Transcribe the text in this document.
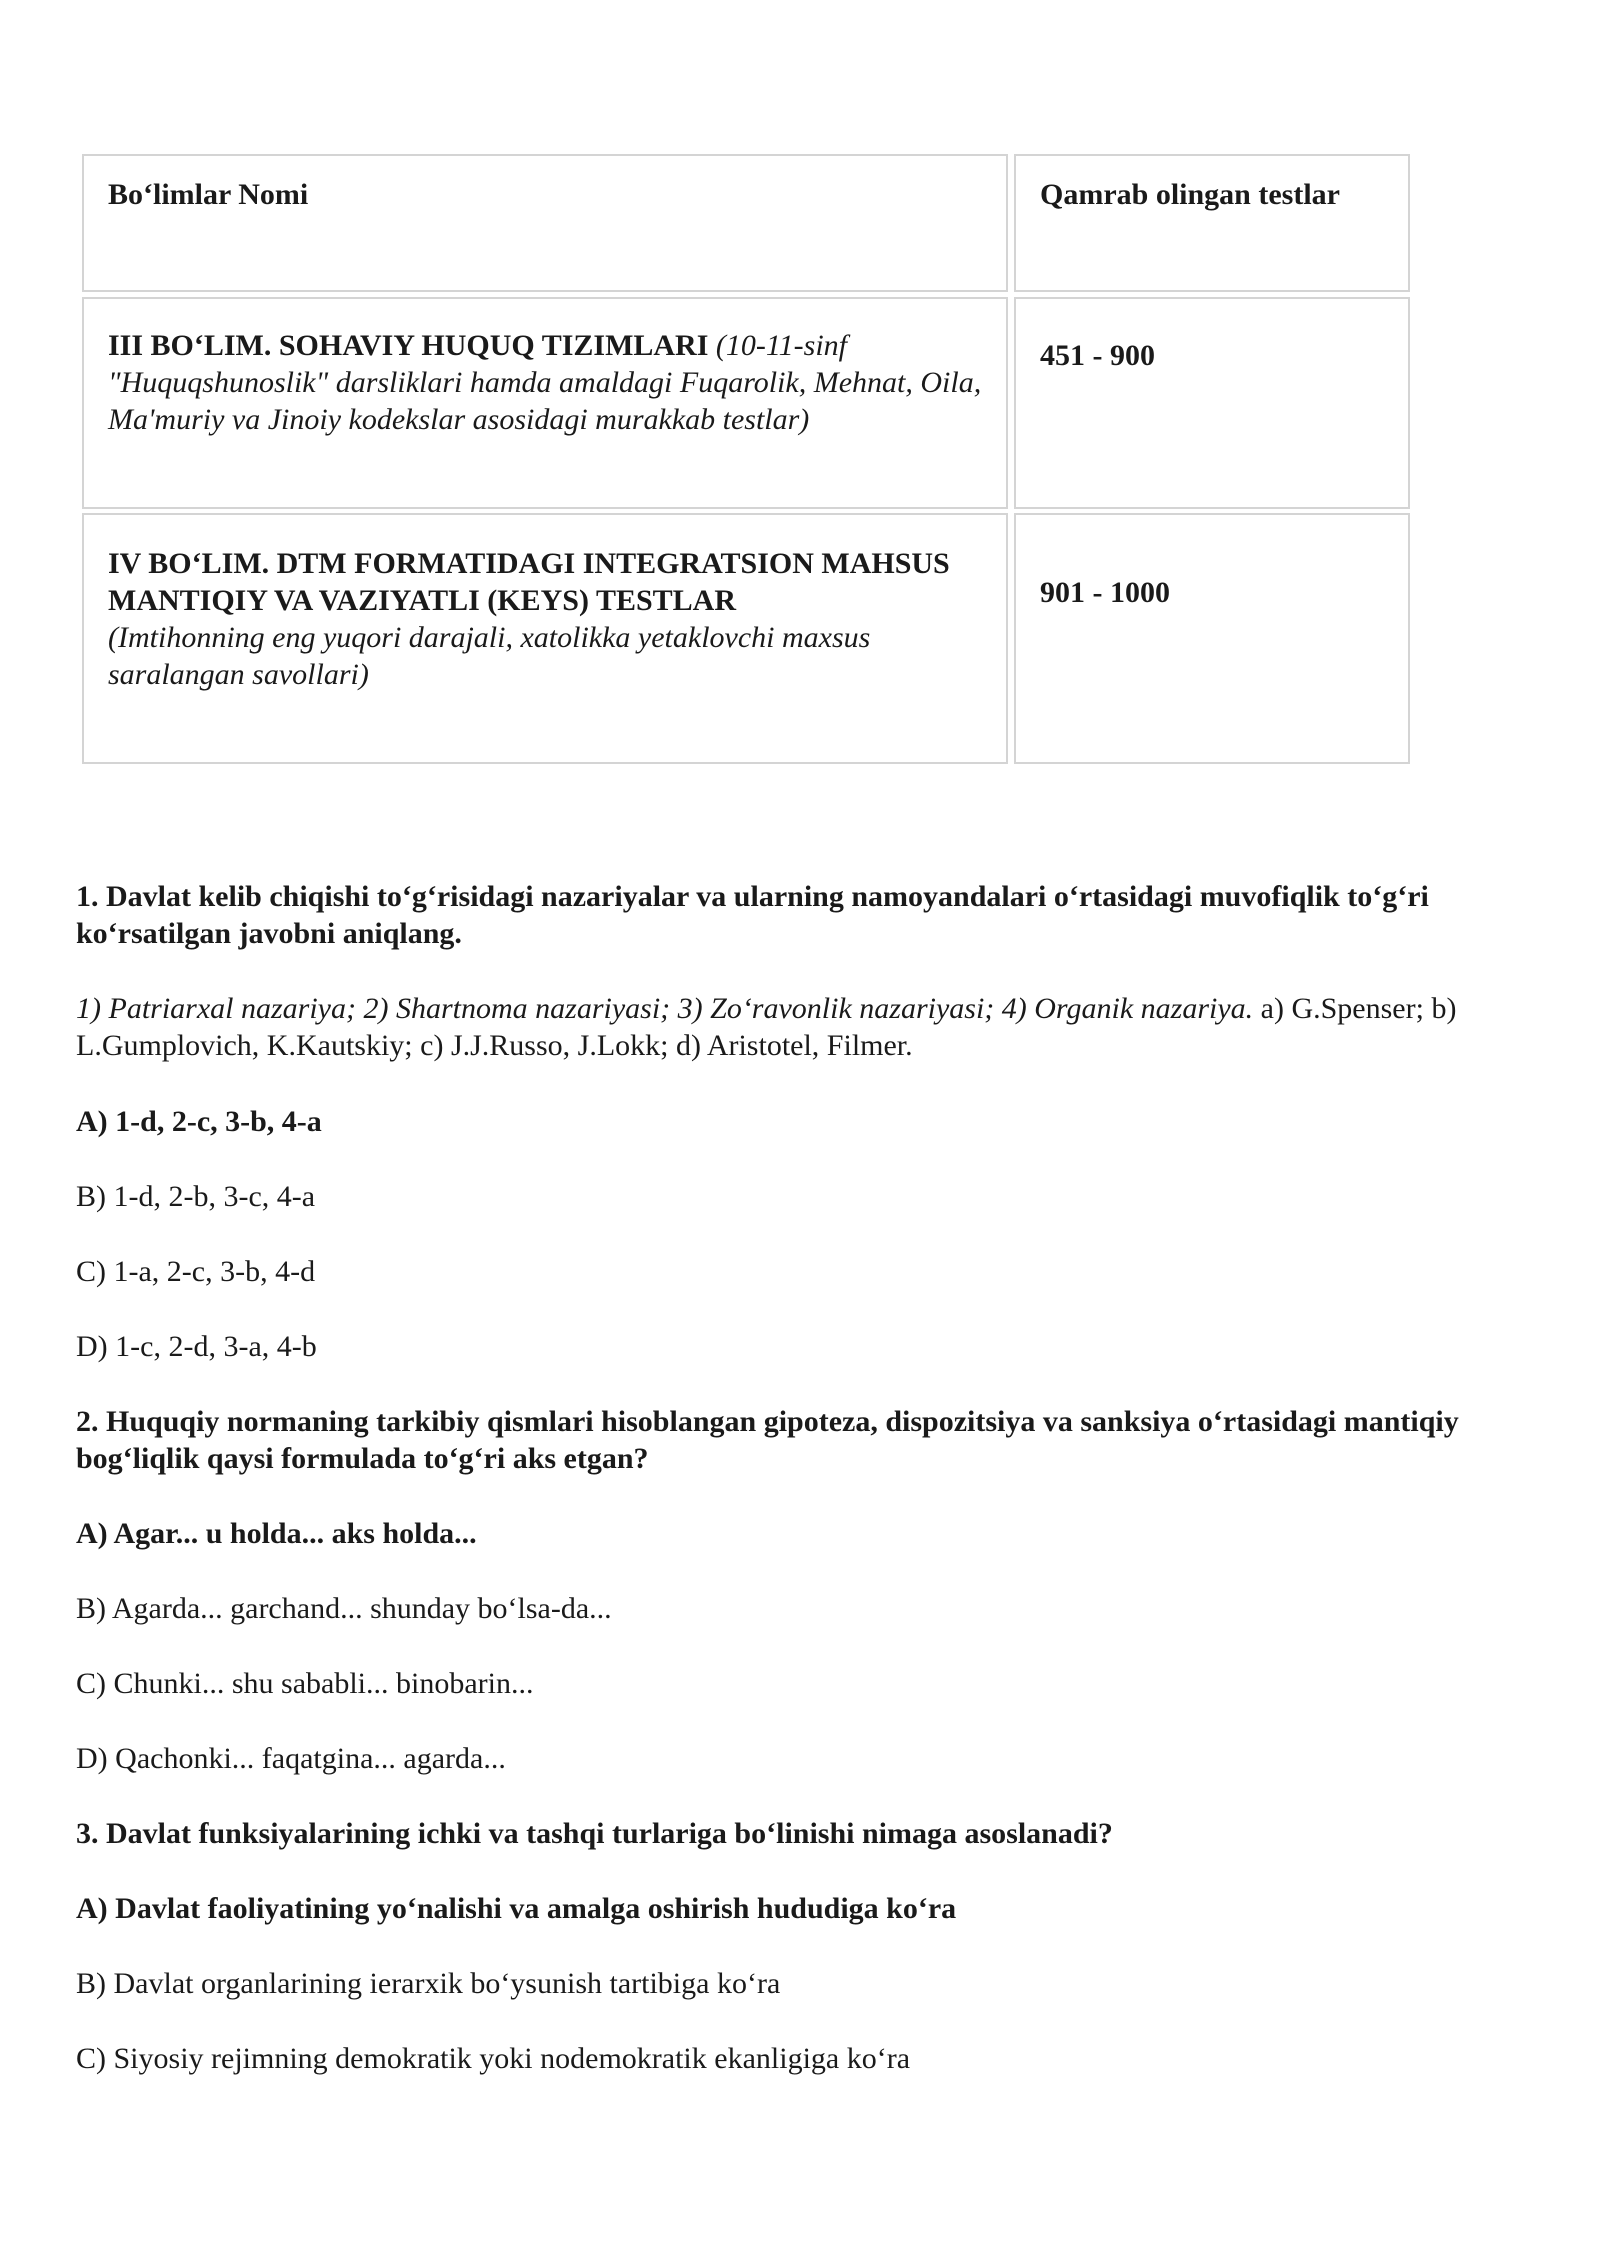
Bo‘limlar Nomi	Qamrab olingan testlar
III BO‘LIM. SOHAVIY HUQUQ TIZIMLARI (10-11-sinf "Huquqshunoslik" darsliklari hamda amaldagi Fuqarolik, Mehnat, Oila, Ma'muriy va Jinoiy kodekslar asosidagi murakkab testlar)
451 - 900
IV BO‘LIM. DTM FORMATIDAGI INTEGRATSION MAHSUS MANTIQIY VA VAZIYATLI (KEYS) TESTLAR
(Imtihonning eng yuqori darajali, xatolikka yetaklovchi maxsus saralangan savollari)
901 - 1000
1. Davlat kelib chiqishi to‘g‘risidagi nazariyalar va ularning namoyandalari o‘rtasidagi muvofiqlik to‘g‘ri ko‘rsatilgan javobni aniqlang.
1) Patriarxal nazariya; 2) Shartnoma nazariyasi; 3) Zo‘ravonlik nazariyasi; 4) Organik nazariya. a) G.Spenser; b) L.Gumplovich, K.Kautskiy; c) J.J.Russo, J.Lokk; d) Aristotel, Filmer.
A) 1-d, 2-c, 3-b, 4-a
B) 1-d, 2-b, 3-c, 4-a
C) 1-a, 2-c, 3-b, 4-d
D) 1-c, 2-d, 3-a, 4-b
2. Huquqiy normaning tarkibiy qismlari hisoblangan gipoteza, dispozitsiya va sanksiya o‘rtasidagi mantiqiy bog‘liqlik qaysi formulada to‘g‘ri aks etgan?
A) Agar... u holda... aks holda...
B) Agarda... garchand... shunday bo‘lsa-da...
C) Chunki... shu sababli... binobarin...
D) Qachonki... faqatgina... agarda...
3. Davlat funksiyalarining ichki va tashqi turlariga bo‘linishi nimaga asoslanadi?
A) Davlat faoliyatining yo‘nalishi va amalga oshirish hududiga ko‘ra
B) Davlat organlarining ierarxik bo‘ysunish tartibiga ko‘ra
C) Siyosiy rejimning demokratik yoki nodemokratik ekanligiga ko‘ra
